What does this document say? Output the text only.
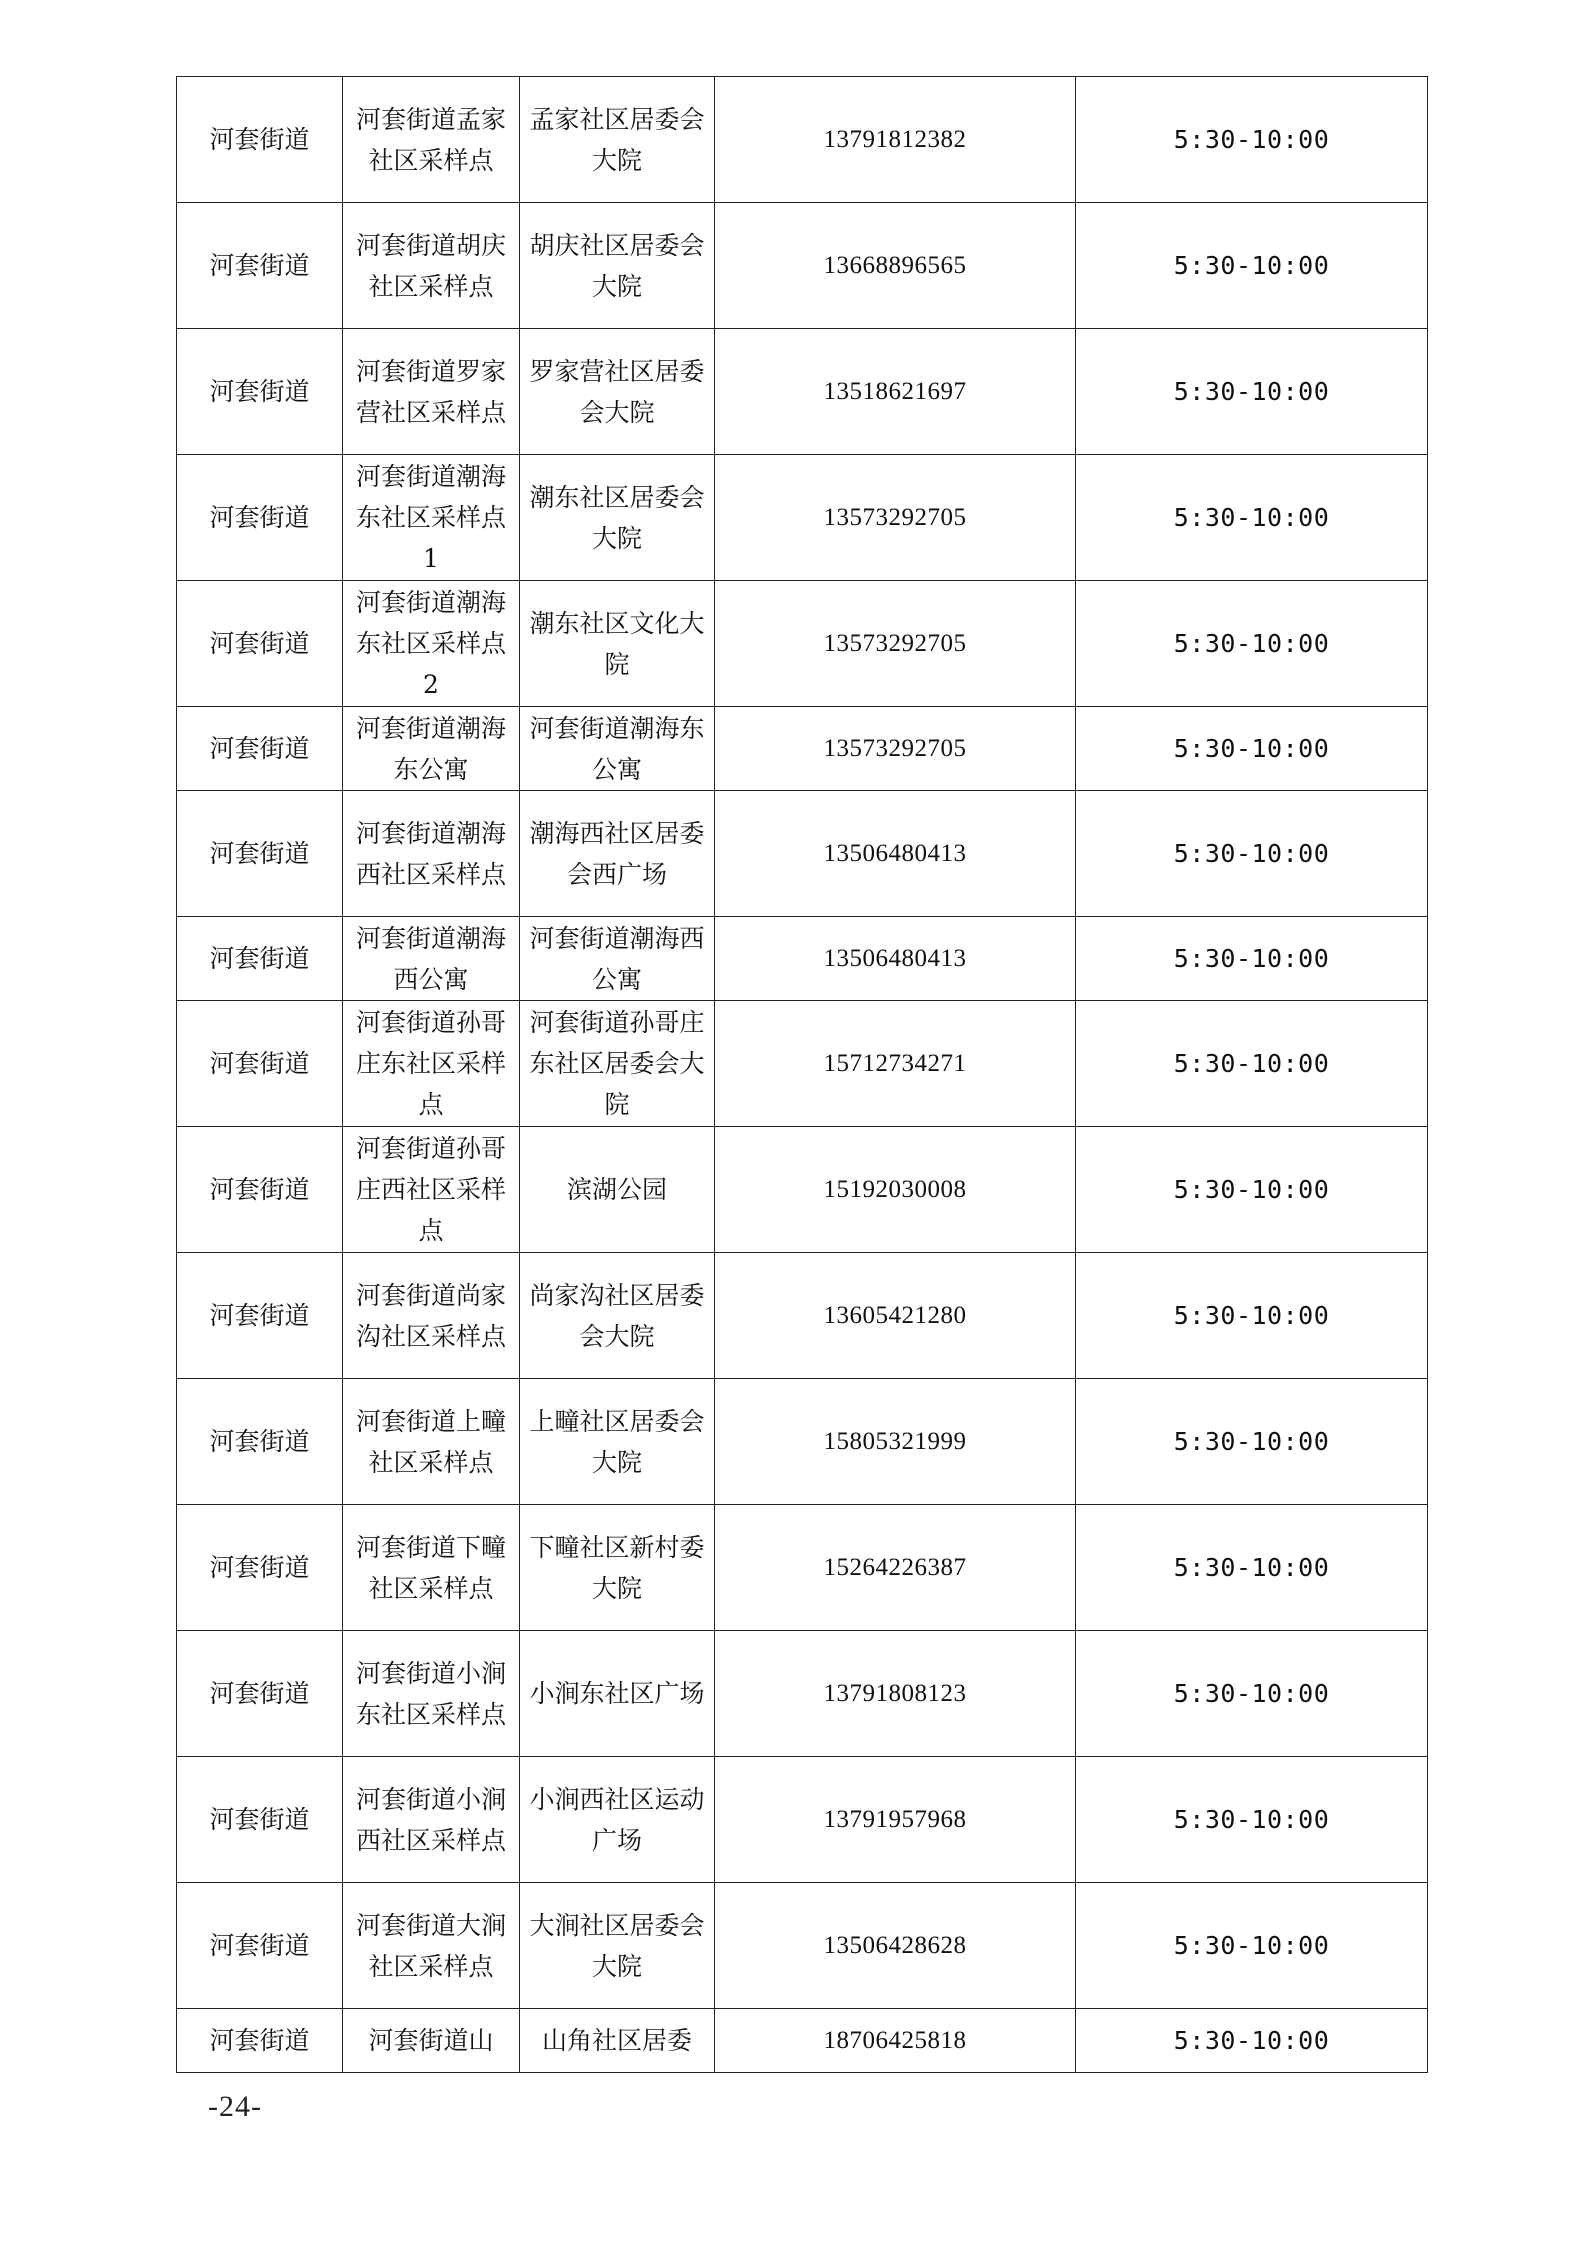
河套街道	河套街道孟家社区采样点	孟家社区居委会大院	13791812382	5:30-10:00
河套街道	河套街道胡庆社区采样点	胡庆社区居委会大院	13668896565	5:30-10:00
河套街道	河套街道罗家营社区采样点	罗家营社区居委会大院	13518621697	5:30-10:00
河套街道	河套街道潮海东社区采样点 1	潮东社区居委会大院	13573292705	5:30-10:00
河套街道	河套街道潮海东社区采样点 2	潮东社区文化大院	13573292705	5:30-10:00
河套街道	河套街道潮海东公寓	河套街道潮海东公寓	13573292705	5:30-10:00
河套街道	河套街道潮海西社区采样点	潮海西社区居委会西广场	13506480413	5:30-10:00
河套街道	河套街道潮海西公寓	河套街道潮海西公寓	13506480413	5:30-10:00
河套街道	河套街道孙哥庄东社区采样点	河套街道孙哥庄东社区居委会大院	15712734271	5:30-10:00
河套街道	河套街道孙哥庄西社区采样点	滨湖公园	15192030008	5:30-10:00
河套街道	河套街道尚家沟社区采样点	尚家沟社区居委会大院	13605421280	5:30-10:00
河套街道	河套街道上疃社区采样点	上疃社区居委会大院	15805321999	5:30-10:00
河套街道	河套街道下疃社区采样点	下疃社区新村委大院	15264226387	5:30-10:00
河套街道	河套街道小涧东社区采样点	小涧东社区广场	13791808123	5:30-10:00
河套街道	河套街道小涧西社区采样点	小涧西社区运动广场	13791957968	5:30-10:00
河套街道	河套街道大涧社区采样点	大涧社区居委会大院	13506428628	5:30-10:00
河套街道	河套街道山	山角社区居委	18706425818	5:30-10:00
-24-
